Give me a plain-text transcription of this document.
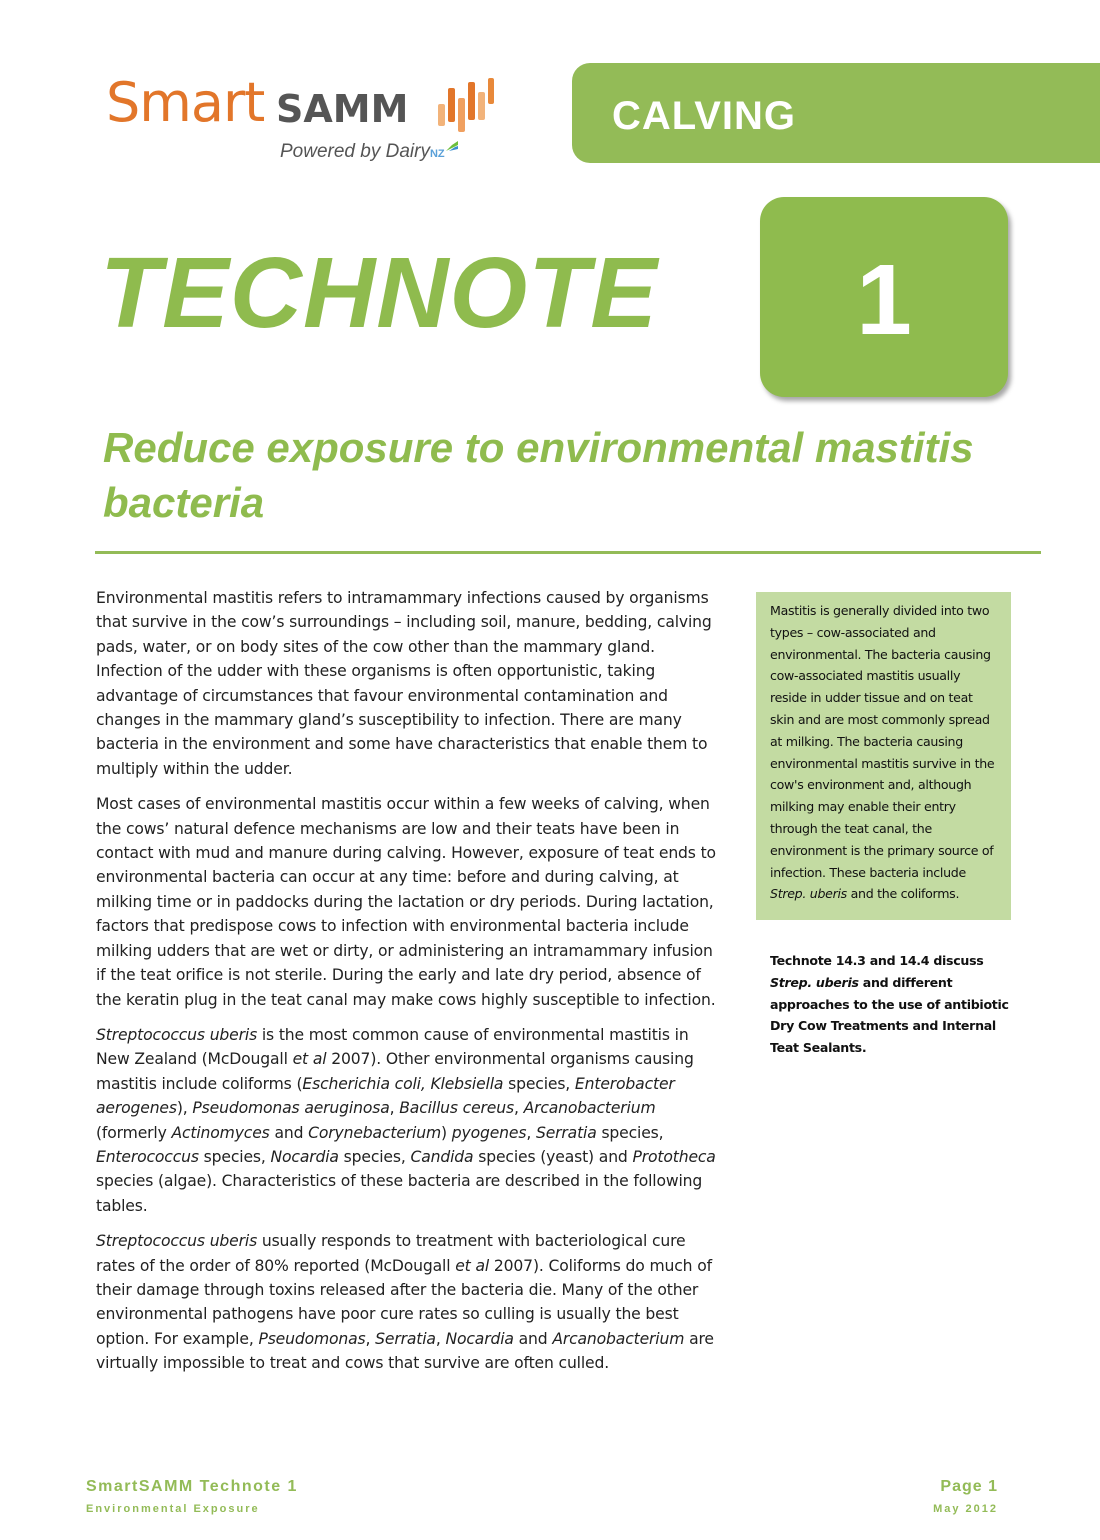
Smart SAMM
Powered by DairyNZ
CALVING
TECHNOTE	1
Reduce exposure to environmental mastitis bacteria

Environmental mastitis refers to intramammary infections caused by organisms that survive in the cow’s surroundings – including soil, manure, bedding, calving pads, water, or on body sites of the cow other than the mammary gland. Infection of the udder with these organisms is often opportunistic, taking advantage of circumstances that favour environmental contamination and changes in the mammary gland’s susceptibility to infection. There are many bacteria in the environment and some have characteristics that enable them to multiply within the udder.

Most cases of environmental mastitis occur within a few weeks of calving, when the cows’ natural defence mechanisms are low and their teats have been in contact with mud and manure during calving. However, exposure of teat ends to environmental bacteria can occur at any time: before and during calving, at milking time or in paddocks during the lactation or dry periods. During lactation, factors that predispose cows to infection with environmental bacteria include milking udders that are wet or dirty, or administering an intramammary infusion if the teat orifice is not sterile. During the early and late dry period, absence of the keratin plug in the teat canal may make cows highly susceptible to infection.

Streptococcus uberis is the most common cause of environmental mastitis in New Zealand (McDougall et al 2007). Other environmental organisms causing mastitis include coliforms (Escherichia coli, Klebsiella species, Enterobacter aerogenes), Pseudomonas aeruginosa, Bacillus cereus, Arcanobacterium (formerly Actinomyces and Corynebacterium) pyogenes, Serratia species, Enterococcus species, Nocardia species, Candida species (yeast) and Prototheca species (algae). Characteristics of these bacteria are described in the following tables.

Streptococcus uberis usually responds to treatment with bacteriological cure rates of the order of 80% reported (McDougall et al 2007). Coliforms do much of their damage through toxins released after the bacteria die. Many of the other environmental pathogens have poor cure rates so culling is usually the best option. For example, Pseudomonas, Serratia, Nocardia and Arcanobacterium are virtually impossible to treat and cows that survive are often culled.

Mastitis is generally divided into two types – cow-associated and environmental. The bacteria causing cow-associated mastitis usually reside in udder tissue and on teat skin and are most commonly spread at milking. The bacteria causing environmental mastitis survive in the cow's environment and, although milking may enable their entry through the teat canal, the environment is the primary source of infection. These bacteria include Strep. uberis and the coliforms.
Technote 14.3 and 14.4 discuss Strep. uberis and different approaches to the use of antibiotic Dry Cow Treatments and Internal Teat Sealants.
SmartSAMM Technote 1
Environmental Exposure
Page 1
May 2012
